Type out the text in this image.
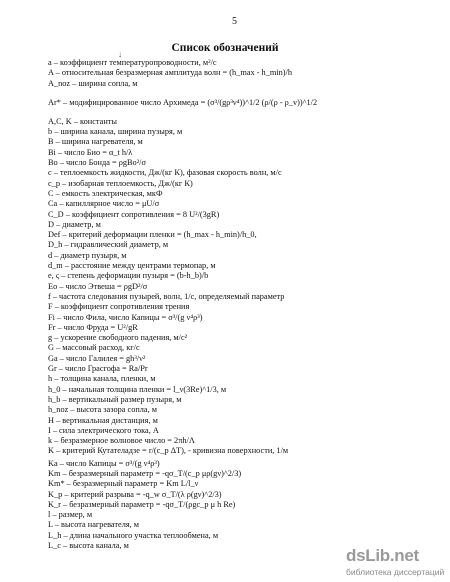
5
↓
Список обозначений
a – коэффициент температуропроводности, м²/с
A – относительная безразмерная амплитуда волн = (h_max - h_min)/h
A_noz – ширина сопла, м
Ar* – модифицированное число Архимеда = (σ³/(gρ³ν⁴))^1/2 (ρ/(ρ - ρ_v))^1/2
A,C, K – константы
b – ширина канала, ширина пузыря, м
B – ширина нагревателя, м
Bi – число Био = α_t h/λ
Bo – число Бонда = ρgBo²/σ
c – теплоемкость жидкости, Дж/(кг К), фазовая скорость волн, м/с
c_p – изобарная теплоемкость, Дж/(кг К)
C – емкость электрическая, мкФ
Ca – капиллярное число = μU/σ
C_D – коэффициент сопротивления = 8 U²/(3gR)
D – диаметр, м
Def – критерий деформации пленки = (h_max - h_min)/h_0,
D_h – гидравлический диаметр, м
d – диаметр пузыря, м
d_m – расстояние между центрами термопар, м
e, ς – степень деформации пузыря = (b-h_b)/b
Eo – число Этвеша = ρgD²/σ
f – частота следования пузырей, волн, 1/с, определяемый параметр
F – коэффициент сопротивления трения
Fi – число Фила, число Капицы = σ³/(g ν⁴ρ³)
Fr – число Фруда = U²/gR
g – ускорение свободного падения, м/с²
G – массовый расход, кг/с
Ga – число Галилея = gh³/ν²
Gr – число Грасгофа = Ra/Pr
h – толщина канала, пленки, м
h_0 – начальная толщина пленки = l_ν(3Re)^1/3, м
h_b – вертикальный размер пузыря, м
h_noz – высота зазора сопла, м
H – вертикальная дистанция, м
I – сила электрического тока, А
k – безразмерное волновое число = 2πh/Λ
K – критерий Кутателадзе = r/(c_p ΔT), - кривизна поверхности, 1/м
Ka – число Капицы = σ³/(g ν⁴ρ³)
Km – безразмерный параметр = -qσ_T/(c_p μρ(gν)^2/3)
Km* – безразмерный параметр = Km L/l_ν
K_p – критерий разрыва = -q_w σ_T/(λ ρ(gν)^2/3)
K_r – безразмерный параметр = -qσ_T/(ρgc_p μ h Re)
l – размер, м
L – высота нагревателя, м
L_h – длина начального участка теплообмена, м
L_c – высота канала, м
dsLib.net
библиотека диссертаций
